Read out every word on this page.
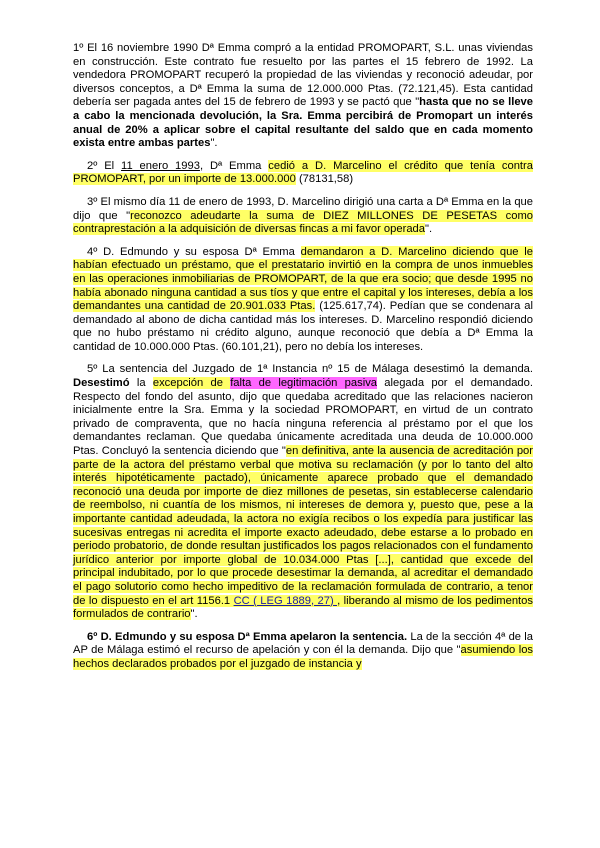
1º El 16 noviembre 1990 Dª Emma compró a la entidad PROMOPART, S.L. unas viviendas en construcción. Este contrato fue resuelto por las partes el 15 febrero de 1992. La vendedora PROMOPART recuperó la propiedad de las viviendas y reconoció adeudar, por diversos conceptos, a Dª Emma la suma de 12.000.000 Ptas. (72.121,45). Esta cantidad debería ser pagada antes del 15 de febrero de 1993 y se pactó que "hasta que no se lleve a cabo la mencionada devolución, la Sra. Emma percibirá de Promopart un interés anual de 20% a aplicar sobre el capital resultante del saldo que en cada momento exista entre ambas partes".

2º El 11 enero 1993, Dª Emma cedió a D. Marcelino el crédito que tenía contra PROMOPART, por un importe de 13.000.000 (78131,58)

3º El mismo día 11 de enero de 1993, D. Marcelino dirigió una carta a Dª Emma en la que dijo que "reconozco adeudarte la suma de DIEZ MILLONES DE PESETAS como contraprestación a la adquisición de diversas fincas a mi favor operada".

4º D. Edmundo y su esposa Dª Emma demandaron a D. Marcelino diciendo que le habían efectuado un préstamo, que el prestatario invirtió en la compra de unos inmuebles en las operaciones inmobiliarias de PROMOPART, de la que era socio; que desde 1995 no había abonado ninguna cantidad a sus tíos y que entre el capital y los intereses, debía a los demandantes una cantidad de 20.901.033 Ptas. (125.617,74). Pedían que se condenara al demandado al abono de dicha cantidad más los intereses. D. Marcelino respondió diciendo que no hubo préstamo ni crédito alguno, aunque reconoció que debía a Dª Emma la cantidad de 10.000.000 Ptas. (60.101,21), pero no debía los intereses.

5º La sentencia del Juzgado de 1ª Instancia nº 15 de Málaga desestimó la demanda. Desestimó la excepción de falta de legitimación pasiva alegada por el demandado. Respecto del fondo del asunto, dijo que quedaba acreditado que las relaciones nacieron inicialmente entre la Sra. Emma y la sociedad PROMOPART, en virtud de un contrato privado de compraventa, que no hacía ninguna referencia al préstamo por el que los demandantes reclaman. Que quedaba únicamente acreditada una deuda de 10.000.000 Ptas. Concluyó la sentencia diciendo que "en definitiva, ante la ausencia de acreditación por parte de la actora del préstamo verbal que motiva su reclamación (y por lo tanto del alto interés hipotéticamente pactado), únicamente aparece probado que el demandado reconoció una deuda por importe de diez millones de pesetas, sin establecerse calendario de reembolso, ni cuantía de los mismos, ni intereses de demora y, puesto que, pese a la importante cantidad adeudada, la actora no exigía recibos o los expedía para justificar las sucesivas entregas ni acredita el importe exacto adeudado, debe estarse a lo probado en periodo probatorio, de donde resultan justificados los pagos relacionados con el fundamento jurídico anterior por importe global de 10.034.000 Ptas [...], cantidad que excede del principal indubitado, por lo que procede desestimar la demanda, al acreditar el demandado el pago solutorio como hecho impeditivo de la reclamación formulada de contrario, a tenor de lo dispuesto en el art 1156.1 CC ( LEG 1889, 27) , liberando al mismo de los pedimentos formulados de contrario".

6º D. Edmundo y su esposa Dª Emma apelaron la sentencia. La de la sección 4ª de la AP de Málaga estimó el recurso de apelación y con él la demanda. Dijo que "asumiendo los hechos declarados probados por el juzgado de instancia y
